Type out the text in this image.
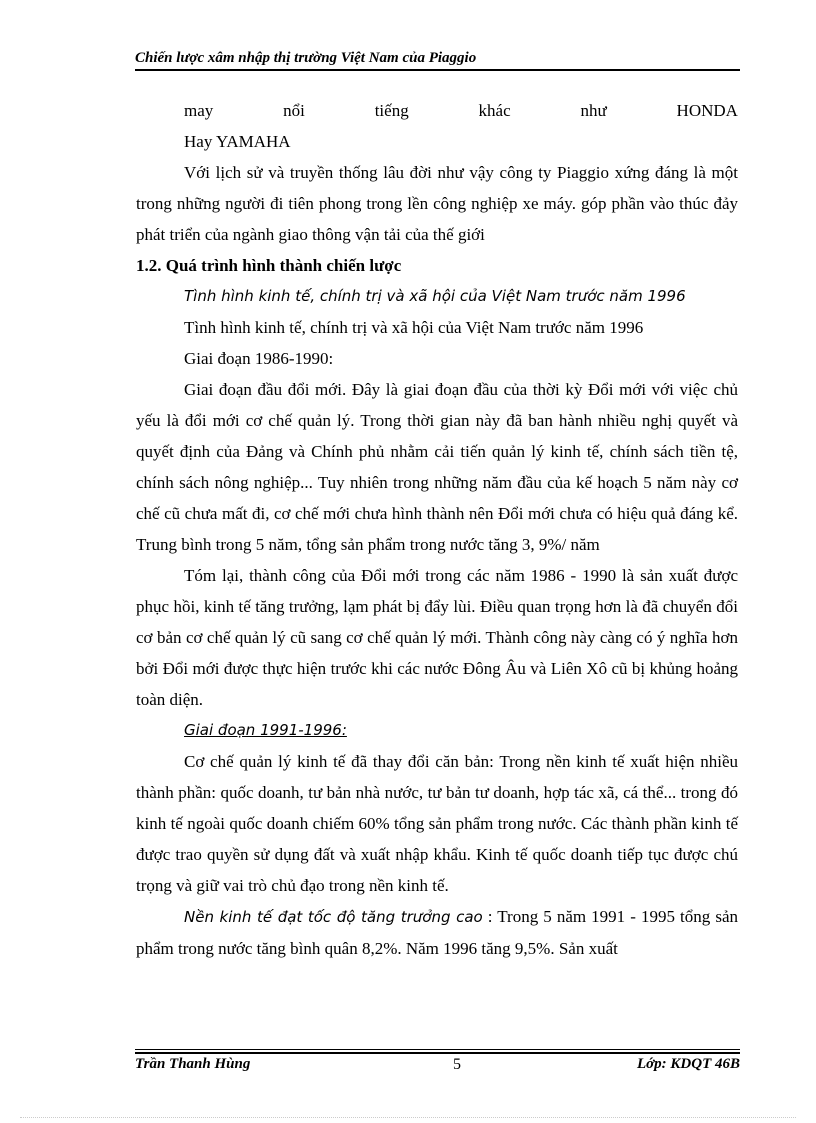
Chiến lược xâm nhập thị trường Việt Nam của Piaggio
may	nổi	tiếng	khác	như	HONDA

Hay YAMAHA

Với lịch sử và truyền thống lâu đời như vậy công ty Piaggio xứng đáng là một trong những người đi tiên phong trong lền công nghiệp xe máy. góp phần vào thúc đảy phát triển của ngành giao thông vận tải của thế giới

1.2. Quá trình hình thành chiến lược

Tình hình kinh tế, chính trị và xã hội của Việt Nam trước năm 1996

Tình hình kinh tế, chính trị và xã hội của Việt Nam trước năm 1996

Giai đoạn 1986-1990:

Giai đoạn đầu đổi mới. Đây là giai đoạn đầu của thời kỳ Đổi mới với việc chủ yếu là đổi mới cơ chế quản lý. Trong thời gian này đã ban hành nhiều nghị quyết và quyết định của Đảng và Chính phủ nhằm cải tiến quản lý kinh tế, chính sách tiền tệ, chính sách nông nghiệp... Tuy nhiên trong những năm đầu của kế hoạch 5 năm này cơ chế cũ chưa mất đi, cơ chế mới chưa hình thành nên Đổi mới chưa có hiệu quả đáng kể. Trung bình trong 5 năm, tổng sản phẩm trong nước tăng 3, 9%/ năm

Tóm lại, thành công của Đổi mới trong các năm 1986 - 1990 là sản xuất được phục hồi, kinh tế tăng trưởng, lạm phát bị đẩy lùi. Điều quan trọng hơn là đã chuyển đổi cơ bản cơ chế quản lý cũ sang cơ chế quản lý mới. Thành công này càng có ý nghĩa hơn bởi Đổi mới được thực hiện trước khi các nước Đông Âu và Liên Xô cũ bị khủng hoảng toàn diện.

Giai đoạn 1991-1996:

Cơ chế quản lý kinh tế đã thay đổi căn bản: Trong nền kinh tế xuất hiện nhiều thành phần: quốc doanh, tư bản nhà nước, tư bản tư doanh, hợp tác xã, cá thể... trong đó kinh tế ngoài quốc doanh chiếm 60% tổng sản phẩm trong nước. Các thành phần kinh tế được trao quyền sử dụng đất và xuất nhập khẩu. Kinh tế quốc doanh tiếp tục được chú trọng và giữ vai trò chủ đạo trong nền kinh tế.

Nền kinh tế đạt tốc độ tăng trưởng cao : Trong 5 năm 1991 - 1995 tổng sản phẩm trong nước tăng bình quân 8,2%. Năm 1996 tăng 9,5%. Sản xuất

Trần Thanh Hùng	5	Lớp: KDQT 46B
